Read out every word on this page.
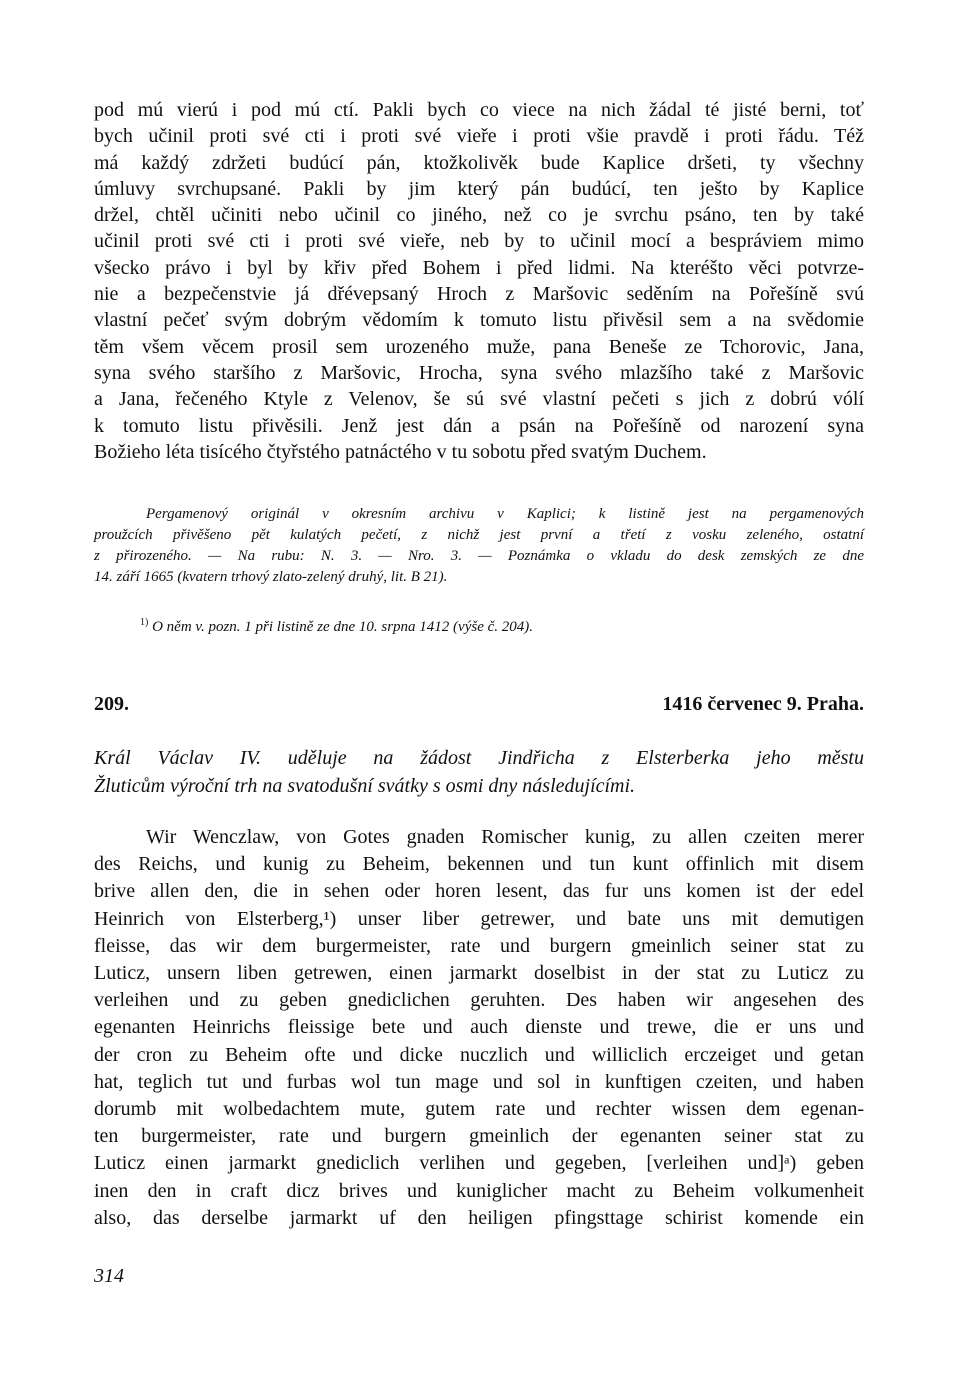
pod mú vierú i pod mú ctí. Pakli bych co viece na nich žádal té jisté berni, toť
bych učinil proti své cti i proti své vieře i proti všie pravdě i proti řádu. Též
má každý zdržeti budúcí pán, ktožkolivěk bude Kaplice dršeti, ty všechny
úmluvy svrchupsané. Pakli by jim který pán budúcí, ten ješto by Kaplice
držel, chtěl učiniti nebo učinil co jiného, než co je svrchu psáno, ten by také
učinil proti své cti i proti své vieře, neb by to učinil mocí a bespráviem mimo
všecko právo i byl by křiv před Bohem i před lidmi. Na kteréšto věci potvrze-
nie a bezpečenstvie já dřévepsaný Hroch z Maršovic seděním na Pořešíně svú
vlastní pečeť svým dobrým vědomím k tomuto listu přivěsil sem a na svědomie
těm všem věcem prosil sem urozeného muže, pana Beneše ze Tchorovic, Jana,
syna svého staršího z Maršovic, Hrocha, syna svého mlazšího také z Maršovic
a Jana, řečeného Ktyle z Velenov, še sú své vlastní pečeti s jich z dobrú vólí
k tomuto listu přivěsili. Jenž jest dán a psán na Pořešíně od narození syna
Božieho léta tisícého čtyřstého patnáctého v tu sobotu před svatým Duchem.

Pergamenový originál v okresním archivu v Kaplici; k listině jest na pergamenových
proužcích přivěšeno pět kulatých pečetí, z nichž jest první a třetí z vosku zeleného, ostatní
z přirozeného. — Na rubu: N. 3. — Nro. 3. — Poznámka o vkladu do desk zemských ze dne
14. září 1665 (kvatern trhový zlato-zelený druhý, lit. B 21).

$^{1)}$ O něm v. pozn. 1 při listině ze dne 10. srpna 1412 (výše č. 204).

209.	1416 červenec 9. Praha.

Král Václav IV. uděluje na žádost Jindřicha z Elsterberka jeho městu
Žluticům výroční trh na svatodušní svátky s osmi dny následujícími.

Wir Wenczlaw, von Gotes gnaden Romischer kunig, zu allen czeiten merer
des Reichs, und kunig zu Beheim, bekennen und tun kunt offinlich mit disem
brive allen den, die in sehen oder horen lesent, das fur uns komen ist der edel
Heinrich von Elsterberg,¹) unser liber getrewer, und bate uns mit demutigen
fleisse, das wir dem burgermeister, rate und burgern gmeinlich seiner stat zu
Luticz, unsern liben getrewen, einen jarmarkt doselbist in der stat zu Luticz zu
verleihen und zu geben gnediclichen geruhten. Des haben wir angesehen des
egenanten Heinrichs fleissige bete und auch dienste und trewe, die er uns und
der cron zu Beheim ofte und dicke nuczlich und williclich erczeiget und getan
hat, teglich tut und furbas wol tun mage und sol in kunftigen czeiten, und haben
dorumb mit wolbedachtem mute, gutem rate und rechter wissen dem egenan-
ten burgermeister, rate und burgern gmeinlich der egenanten seiner stat zu
Luticz einen jarmarkt gnediclich verlihen und gegeben, [verleihen und]ᵃ) geben
inen den in craft dicz brives und kuniglicher macht zu Beheim volkumenheit
also, das derselbe jarmarkt uf den heiligen pfingsttage schirist komende ein

314
